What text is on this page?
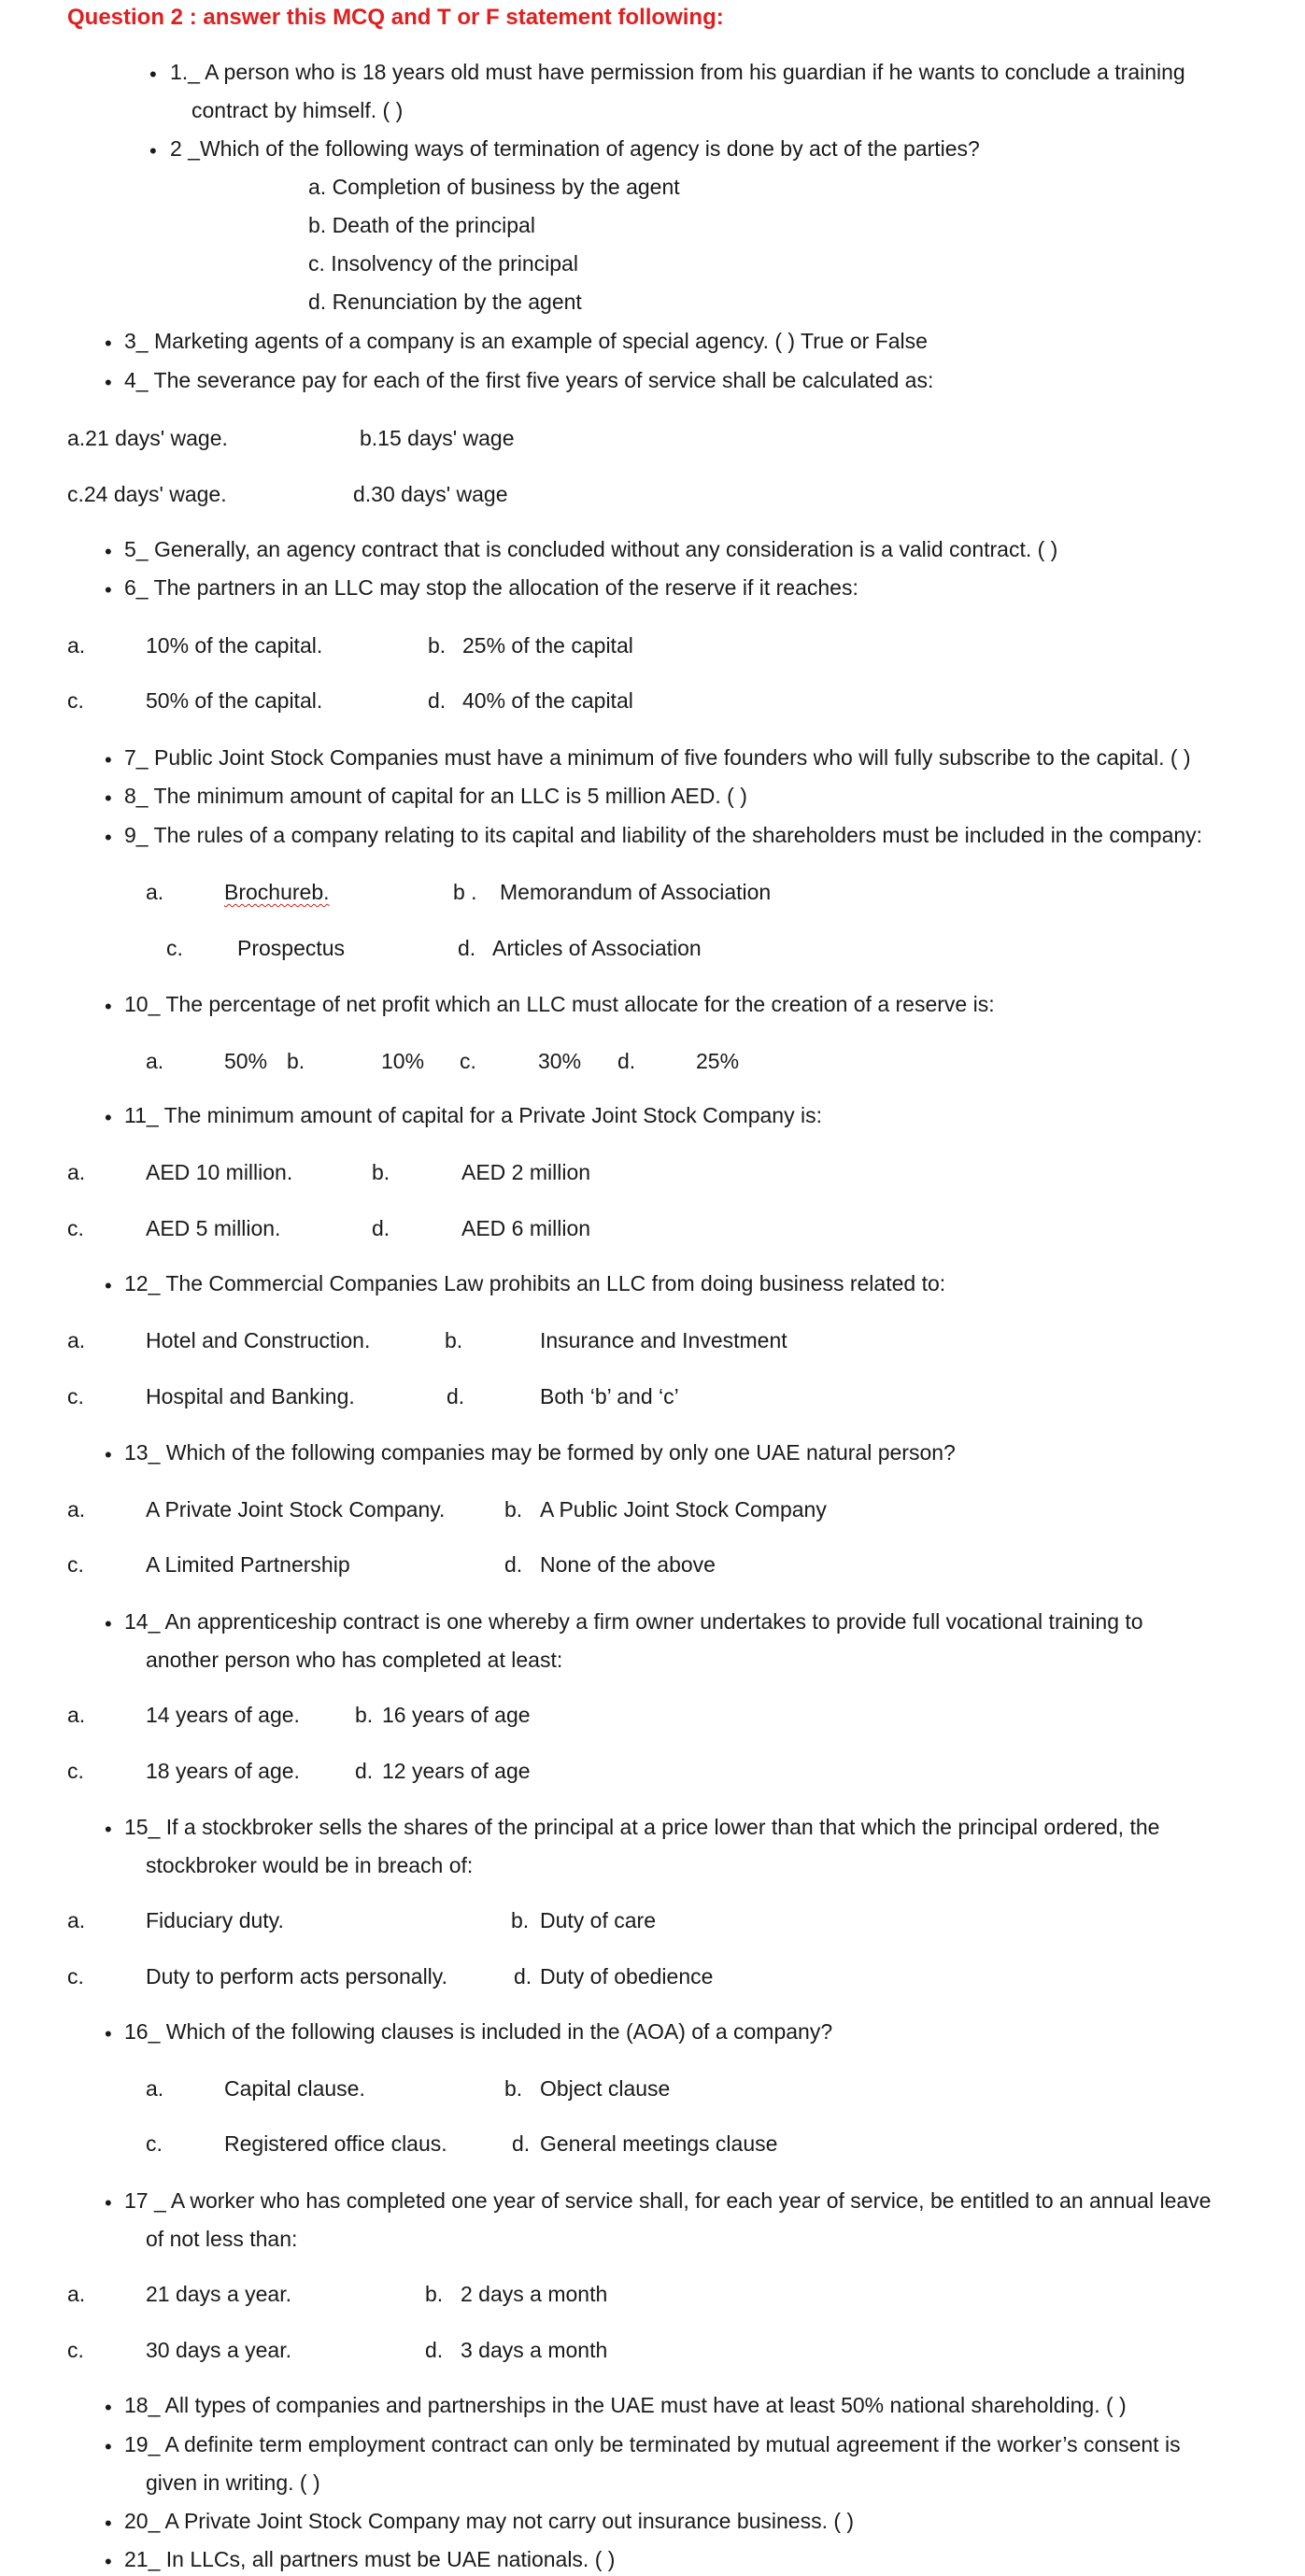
Question 2 : answer this MCQ and T or F statement following:
• 1._ A person who is 18 years old must have permission from his guardian if he wants to conclude a training
contract by himself. ( )
• 2 _Which of the following ways of termination of agency is done by act of the parties?
a. Completion of business by the agent
b. Death of the principal
c. Insolvency of the principal
d. Renunciation by the agent
• 3_ Marketing agents of a company is an example of special agency. ( ) True or False
• 4_ The severance pay for each of the first five years of service shall be calculated as:
a.21 days' wage.	b.15 days' wage
c.24 days' wage.	d.30 days' wage
• 5_ Generally, an agency contract that is concluded without any consideration is a valid contract. ( )
• 6_ The partners in an LLC may stop the allocation of the reserve if it reaches:
a.	10% of the capital.	b. 25% of the capital
c.	50% of the capital.	d. 40% of the capital
• 7_ Public Joint Stock Companies must have a minimum of five founders who will fully subscribe to the capital. ( )
• 8_ The minimum amount of capital for an LLC is 5 million AED. ( )
• 9_ The rules of a company relating to its capital and liability of the shareholders must be included in the company:
a.	Brochureb.	b . Memorandum of Association
c.	Prospectus	d. Articles of Association
• 10_ The percentage of net profit which an LLC must allocate for the creation of a reserve is:
a.	50% b.	10% c.	30% d.	25%
• 11_ The minimum amount of capital for a Private Joint Stock Company is:
a.	AED 10 million.	b.	AED 2 million
c.	AED 5 million.	d.	AED 6 million
• 12_ The Commercial Companies Law prohibits an LLC from doing business related to:
a.	Hotel and Construction.	b.	Insurance and Investment
c.	Hospital and Banking.	d.	Both ‘b’ and ‘c’
• 13_ Which of the following companies may be formed by only one UAE natural person?
a.	A Private Joint Stock Company.	b. A Public Joint Stock Company
c.	A Limited Partnership	d. None of the above
• 14_ An apprenticeship contract is one whereby a firm owner undertakes to provide full vocational training to
another person who has completed at least:
a.	14 years of age.	b. 16 years of age
c.	18 years of age.	d. 12 years of age
• 15_ If a stockbroker sells the shares of the principal at a price lower than that which the principal ordered, the
stockbroker would be in breach of:
a.	Fiduciary duty.	b. Duty of care
c.	Duty to perform acts personally.	d. Duty of obedience
• 16_ Which of the following clauses is included in the (AOA) of a company?
a.	Capital clause.	b. Object clause
c.	Registered office claus.	d. General meetings clause
• 17 _ A worker who has completed one year of service shall, for each year of service, be entitled to an annual leave
of not less than:
a.	21 days a year.	b. 2 days a month
c.	30 days a year.	d. 3 days a month
• 18_ All types of companies and partnerships in the UAE must have at least 50% national shareholding. ( )
• 19_ A definite term employment contract can only be terminated by mutual agreement if the worker’s consent is
given in writing. ( )
• 20_ A Private Joint Stock Company may not carry out insurance business. ( )
• 21_ In LLCs, all partners must be UAE nationals. ( )
